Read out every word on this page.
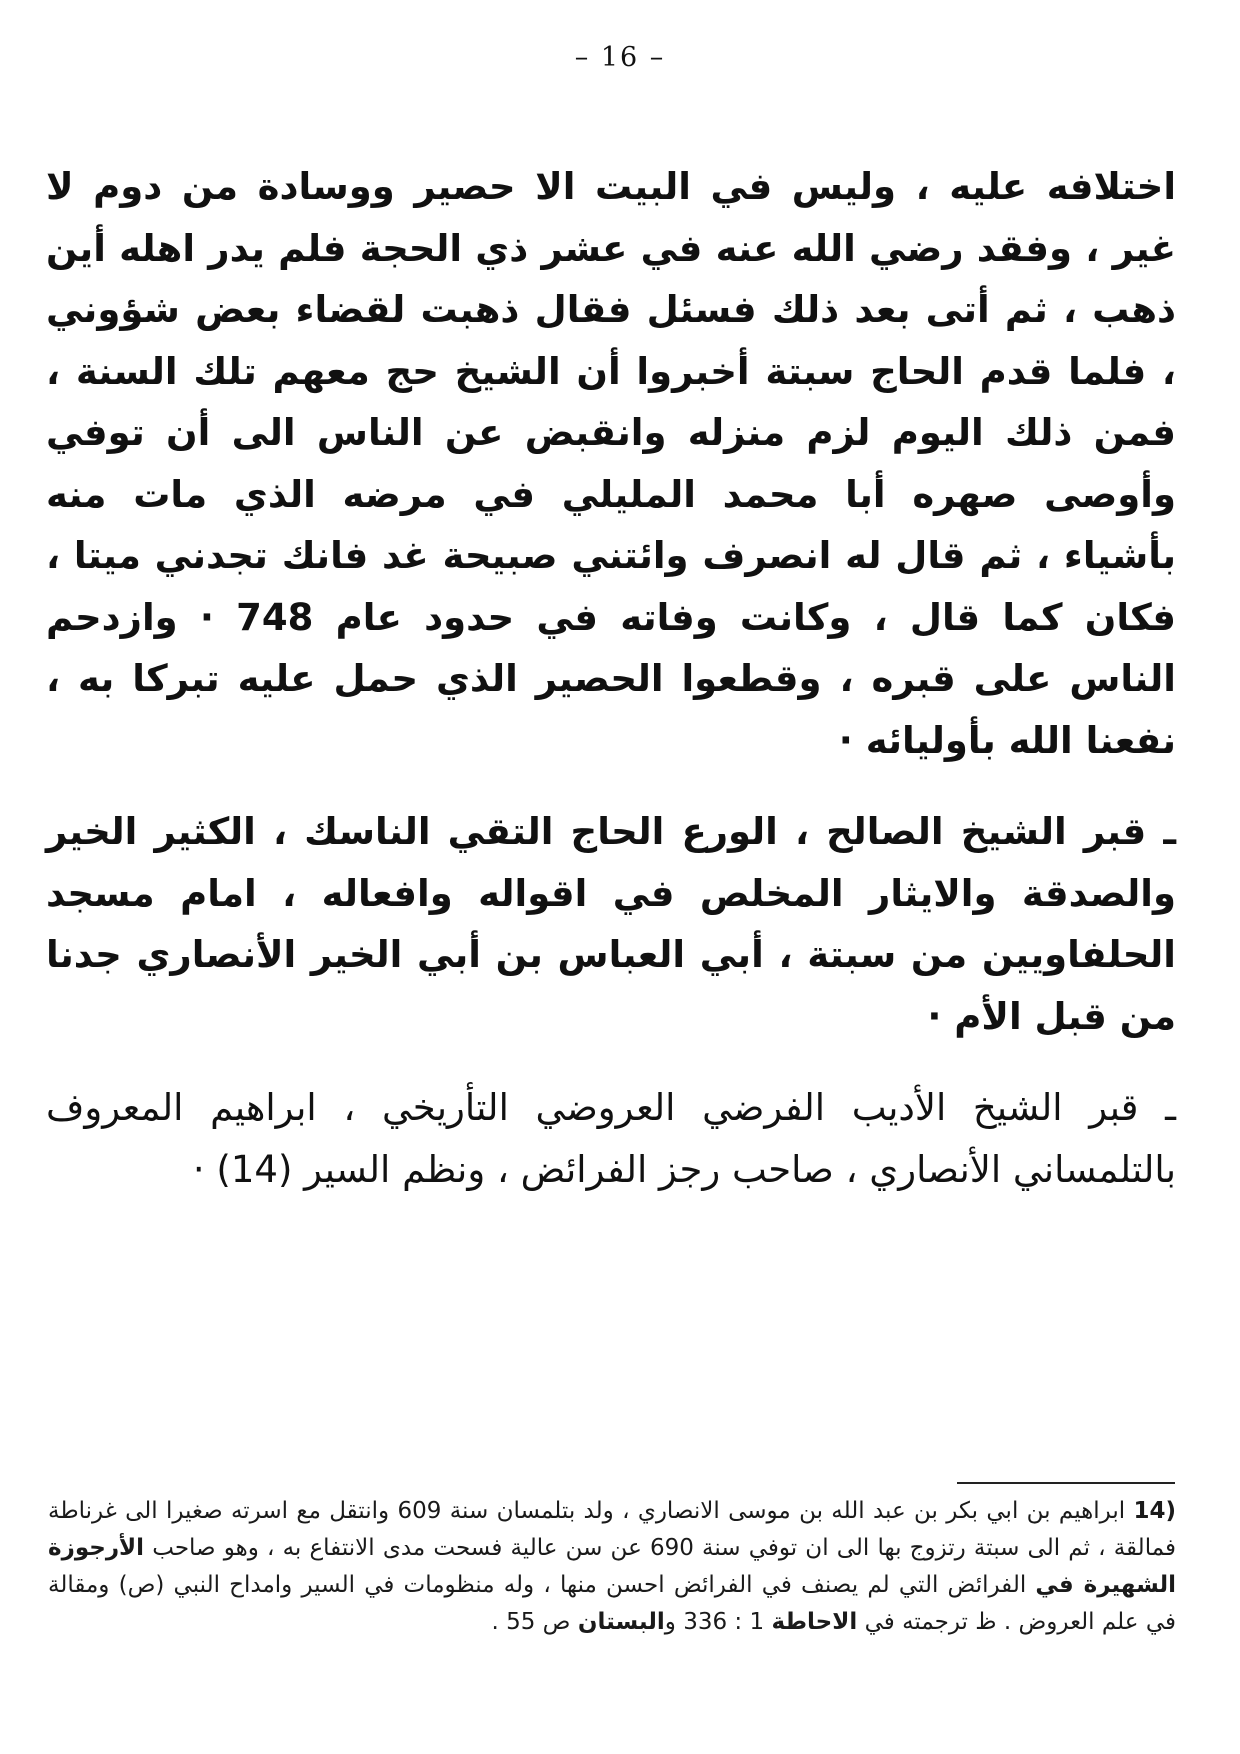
– 16 –

اختلافه عليه ، وليس في البيت الا حصير ووسادة من دوم لا غير ، وفقد رضي الله عنه في عشر ذي الحجة فلم يدر اهله أين ذهب ، ثم أتى بعد ذلك فسئل فقال ذهبت لقضاء بعض شؤوني ، فلما قدم الحاج سبتة أخبروا أن الشيخ حج معهم تلك السنة ، فمن ذلك اليوم لزم منزله وانقبض عن الناس الى أن توفي وأوصى صهره أبا محمد المليلي في مرضه الذي مات منه بأشياء ، ثم قال له انصرف وائتني صبيحة غد فانك تجدني ميتا ، فكان كما قال ، وكانت وفاته في حدود عام 748 · وازدحم الناس على قبره ، وقطعوا الحصير الذي حمل عليه تبركا به ، نفعنا الله بأوليائه ·

ـ قبر الشيخ الصالح ، الورع الحاج التقي الناسك ، الكثير الخير والصدقة والايثار المخلص في اقواله وافعاله ، امام مسجد الحلفاويين من سبتة ، أبي العباس بن أبي الخير الأنصاري جدنا من قبل الأم ·

ـ قبر الشيخ الأديب الفرضي العروضي التأريخي ، ابراهيم المعروف بالتلمساني الأنصاري ، صاحب رجز الفرائض ، ونظم السير (14) ·

(14 ابراهيم بن ابي بكر بن عبد الله بن موسى الانصاري ، ولد بتلمسان سنة 609 وانتقل مع اسرته صغيرا الى غرناطة فمالقة ، ثم الى سبتة رتزوج بها الى ان توفي سنة 690 عن سن عالية فسحت مدى الانتفاع به ، وهو صاحب الأرجوزة الشهيرة في الفرائض التي لم يصنف في الفرائض احسن منها ، وله منظومات في السير وامداح النبي (ص) ومقالة في علم العروض . ظ ترجمته في الاحاطة 1 : 336 والبستان ص 55 .
